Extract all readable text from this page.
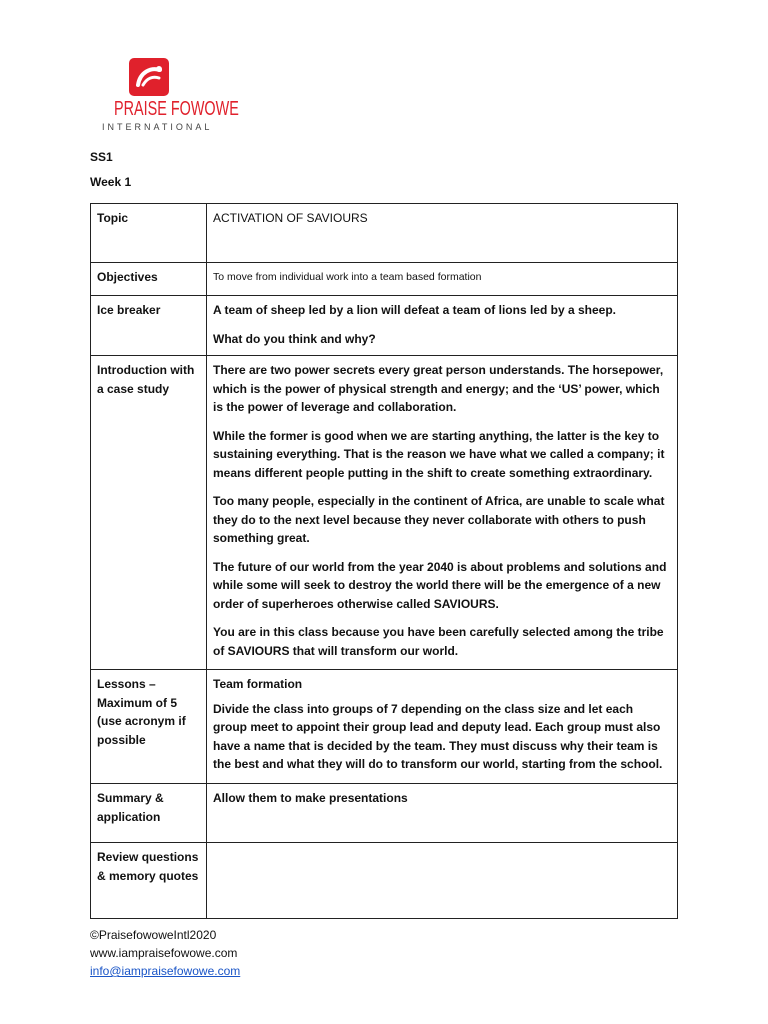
PRAISE FOWOWE
INTERNATIONAL
SS1
Week 1
Topic	ACTIVATION OF SAVIOURS

Objectives	To move from individual work into a team based formation

Ice breaker	A team of sheep led by a lion will defeat a team of lions led by a sheep.

What do you think and why?

Introduction with a case study	There are two power secrets every great person understands. The horsepower, which is the power of physical strength and energy; and the ‘US’ power, which is the power of leverage and collaboration.

While the former is good when we are starting anything, the latter is the key to sustaining everything. That is the reason we have what we called a company; it means different people putting in the shift to create something extraordinary.

Too many people, especially in the continent of Africa, are unable to scale what they do to the next level because they never collaborate with others to push something great.

The future of our world from the year 2040 is about problems and solutions and while some will seek to destroy the world there will be the emergence of a new order of superheroes otherwise called SAVIOURS.

You are in this class because you have been carefully selected among the tribe of SAVIOURS that will transform our world.

Lessons – Maximum of 5 (use acronym if possible	Team formation

Divide the class into groups of 7 depending on the class size and let each group meet to appoint their group lead and deputy lead. Each group must also have a name that is decided by the team. They must discuss why their team is the best and what they will do to transform our world, starting from the school.

Summary & application	Allow them to make presentations

Review questions & memory quotes	
©PraisefowoweIntl2020
www.iampraisefowowe.com
info@iampraisefowowe.com
